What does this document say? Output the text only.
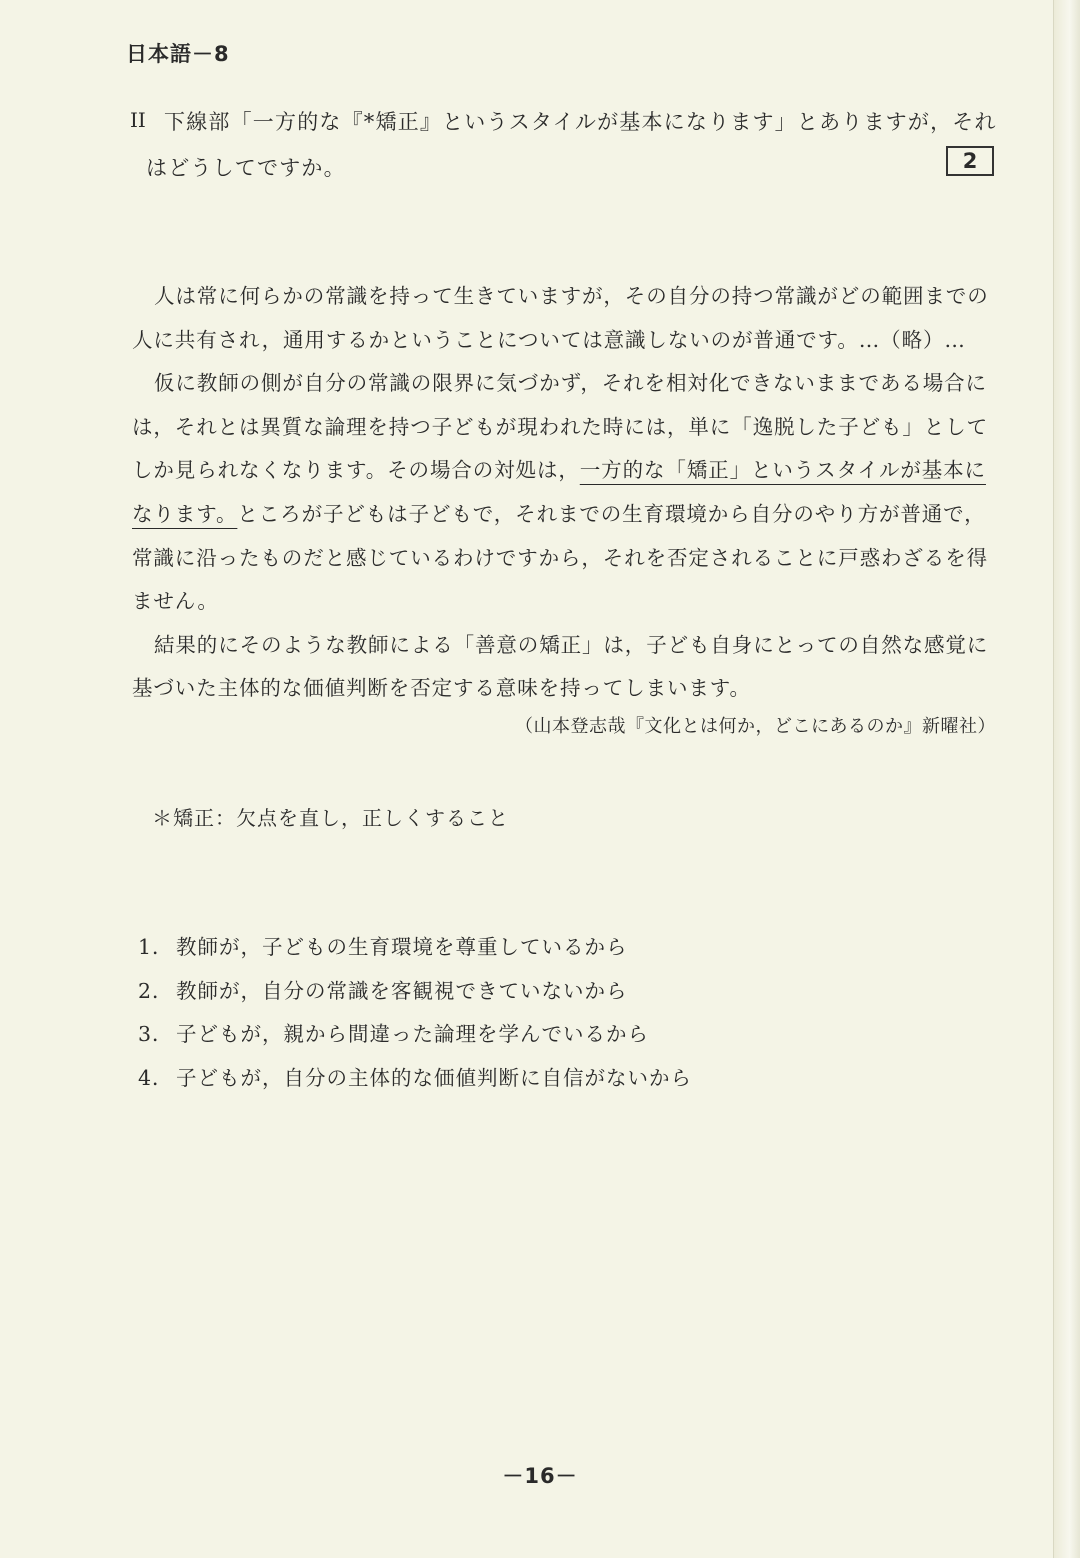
日本語－8
II 下線部「一方的な『*矯正』というスタイルが基本になります」とありますが，それ
はどうしてですか。	2
人は常に何らかの常識を持って生きていますが，その自分の持つ常識がどの範囲までの
人に共有され，通用するかということについては意識しないのが普通です。…（略）…
仮に教師の側が自分の常識の限界に気づかず，それを相対化できないままである場合に
は，それとは異質な論理を持つ子どもが現われた時には，単に「逸脱した子ども」として
しか見られなくなります。その場合の対処は，一方的な「矯正」というスタイルが基本に
なります。ところが子どもは子どもで，それまでの生育環境から自分のやり方が普通で，
常識に沿ったものだと感じているわけですから，それを否定されることに戸惑わざるを得
ません。
結果的にそのような教師による「善意の矯正」は，子ども自身にとっての自然な感覚に
基づいた主体的な価値判断を否定する意味を持ってしまいます。
（山本登志哉『文化とは何か，どこにあるのか』新曜社）
＊矯正：欠点を直し，正しくすること
1． 教師が，子どもの生育環境を尊重しているから
2． 教師が，自分の常識を客観視できていないから
3． 子どもが，親から間違った論理を学んでいるから
4． 子どもが，自分の主体的な価値判断に自信がないから
－16－
